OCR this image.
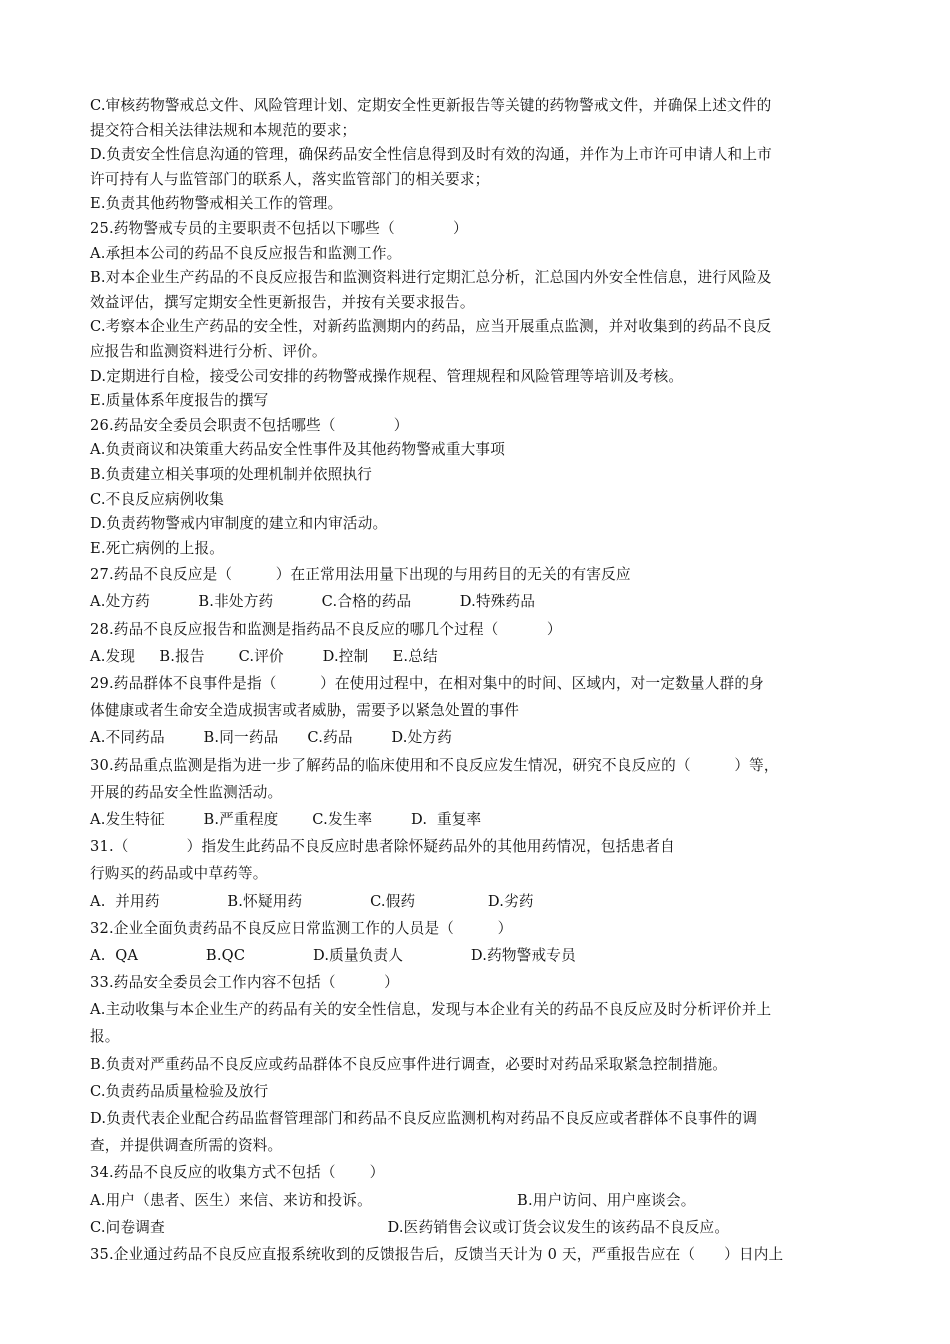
C.审核药物警戒总文件、风险管理计划、定期安全性更新报告等关键的药物警戒文件，并确保上述文件的
提交符合相关法律法规和本规范的要求；
D.负责安全性信息沟通的管理，确保药品安全性信息得到及时有效的沟通，并作为上市许可申请人和上市
许可持有人与监管部门的联系人，落实监管部门的相关要求；
E.负责其他药物警戒相关工作的管理。
25.药物警戒专员的主要职责不包括以下哪些（            ）
A.承担本公司的药品不良反应报告和监测工作。
B.对本企业生产药品的不良反应报告和监测资料进行定期汇总分析，汇总国内外安全性信息，进行风险及
效益评估，撰写定期安全性更新报告，并按有关要求报告。
C.考察本企业生产药品的安全性，对新药监测期内的药品，应当开展重点监测，并对收集到的药品不良反
应报告和监测资料进行分析、评价。
D.定期进行自检，接受公司安排的药物警戒操作规程、管理规程和风险管理等培训及考核。
E.质量体系年度报告的撰写
26.药品安全委员会职责不包括哪些（            ）
A.负责商议和决策重大药品安全性事件及其他药物警戒重大事项
B.负责建立相关事项的处理机制并依照执行
C.不良反应病例收集
D.负责药物警戒内审制度的建立和内审活动。
E.死亡病例的上报。
27.药品不良反应是（         ）在正常用法用量下出现的与用药目的无关的有害反应
A.处方药          B.非处方药          C.合格的药品          D.特殊药品
28.药品不良反应报告和监测是指药品不良反应的哪几个过程（          ）
A.发现     B.报告       C.评价        D.控制     E.总结
29.药品群体不良事件是指（         ）在使用过程中，在相对集中的时间、区域内，对一定数量人群的身
体健康或者生命安全造成损害或者威胁，需要予以紧急处置的事件
A.不同药品        B.同一药品      C.药品        D.处方药
30.药品重点监测是指为进一步了解药品的临床使用和不良反应发生情况，研究不良反应的（         ）等，
开展的药品安全性监测活动。
A.发生特征        B.严重程度       C.发生率        D.  重复率
31.（            ）指发生此药品不良反应时患者除怀疑药品外的其他用药情况，包括患者自
行购买的药品或中草药等。
A.  并用药              B.怀疑用药              C.假药               D.劣药
32.企业全面负责药品不良反应日常监测工作的人员是（         ）
A.  QA              B.QC              D.质量负责人              D.药物警戒专员
33.药品安全委员会工作内容不包括（          ）
A.主动收集与本企业生产的药品有关的安全性信息，发现与本企业有关的药品不良反应及时分析评价并上
报。
B.负责对严重药品不良反应或药品群体不良反应事件进行调查，必要时对药品采取紧急控制措施。
C.负责药品质量检验及放行
D.负责代表企业配合药品监督管理部门和药品不良反应监测机构对药品不良反应或者群体不良事件的调
查，并提供调查所需的资料。
34.药品不良反应的收集方式不包括（       ）
A.用户（患者、医生）来信、来访和投诉。                              B.用户访问、用户座谈会。
C.问卷调查                                              D.医药销售会议或订货会议发生的该药品不良反应。
35.企业通过药品不良反应直报系统收到的反馈报告后，反馈当天计为 0 天，严重报告应在（      ）日内上
